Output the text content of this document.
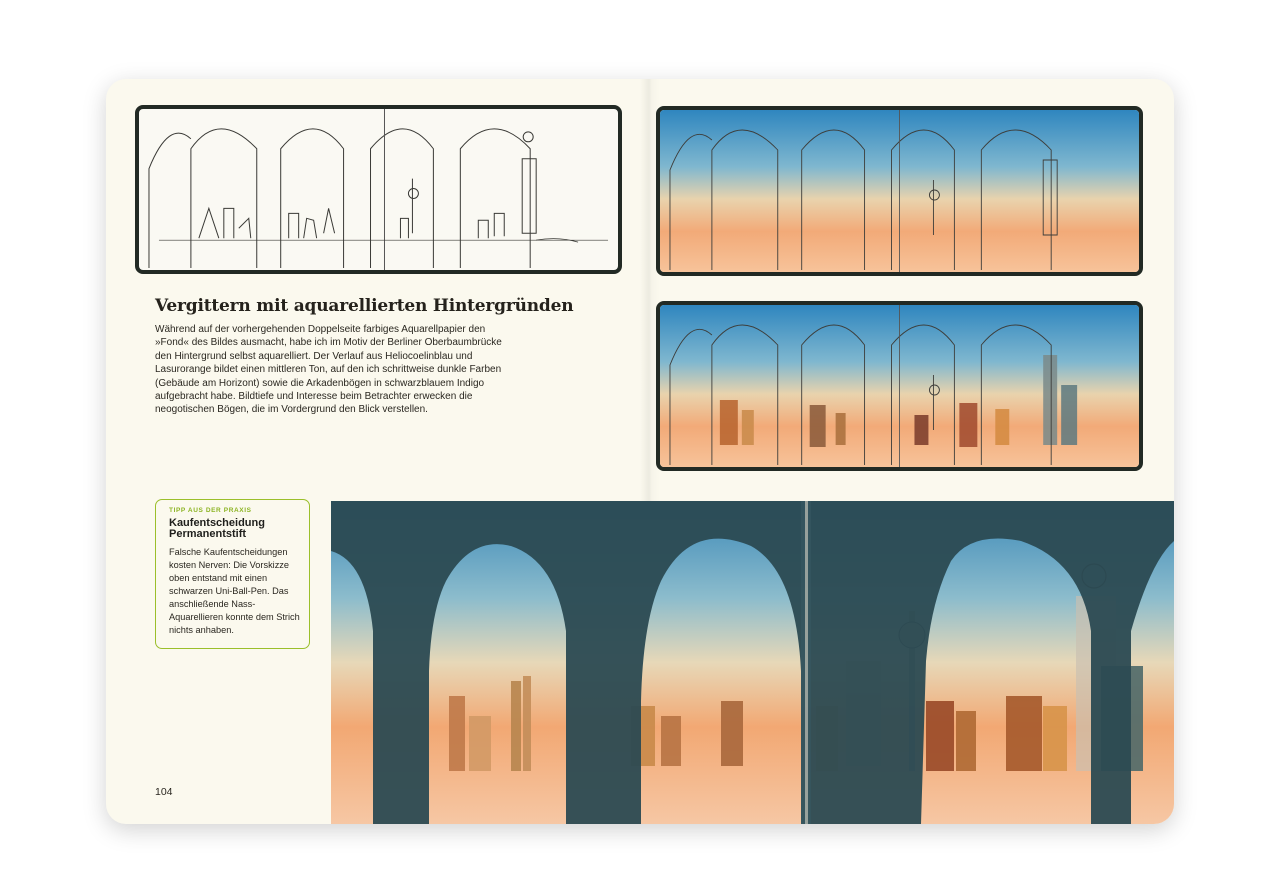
Vergittern mit aquarellierten Hintergründen

Während auf der vorhergehenden Doppelseite farbiges Aquarellpapier den »Fond« des Bildes ausmacht, habe ich im Motiv der Berliner Oberbaumbrücke den Hintergrund selbst aquarelliert. Der Verlauf aus Heliocoelinblau und Lasurorange bildet einen mittleren Ton, auf den ich schrittweise dunkle Farben (Gebäude am Horizont) sowie die Arkadenbögen in schwarzblauem Indigo aufgebracht habe. Bildtiefe und Interesse beim Betrachter erwecken die neogotischen Bögen, die im Vordergrund den Blick verstellen.

TIPP AUS DER PRAXIS

Kaufentscheidung Permanentstift

Falsche Kaufentscheidungen kosten Nerven: Die Vorskizze oben entstand mit einen schwarzen Uni-Ball-Pen. Das anschließende Nass-Aquarellieren konnte dem Strich nichts anhaben.

104
